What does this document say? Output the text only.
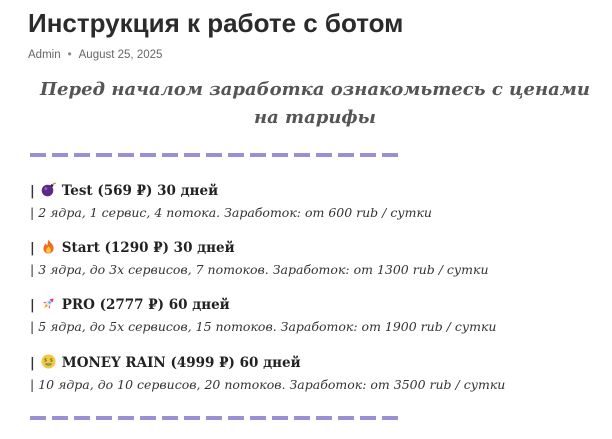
Инструкция к работе с ботом
Admin • August 25, 2025

Перед началом заработка ознакомьтесь с ценами на тарифы

| Test (569 ₽) 30 дней
| 2 ядра, 1 сервис, 4 потока. Заработок: от 600 rub / сутки
| Start (1290 ₽) 30 дней
| 3 ядра, до 3х сервисов, 7 потоков. Заработок: от 1300 rub / сутки
| PRO (2777 ₽) 60 дней
| 5 ядра, до 5х сервисов, 15 потоков. Заработок: от 1900 rub / сутки
| $ $ MONEY RAIN (4999 ₽) 60 дней
| 10 ядра, до 10 сервисов, 20 потоков. Заработок: от 3500 rub / сутки
